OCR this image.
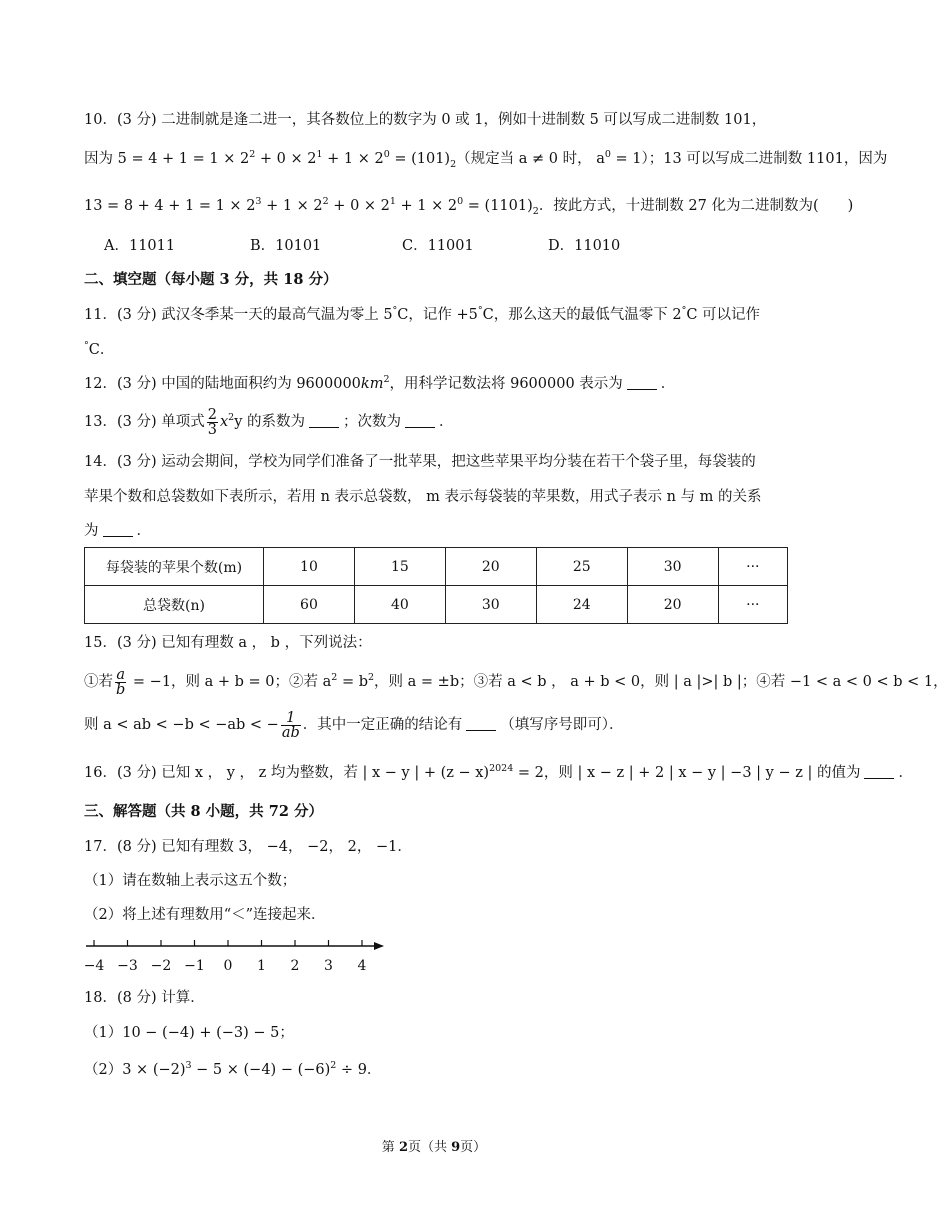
10．(3 分) 二进制就是逢二进一，其各数位上的数字为 0 或 1，例如十进制数 5 可以写成二进制数 101，
因为 $5 = 4 + 1 = 1 \times 2^2 + 0 \times 2^1 + 1 \times 2^0 = (101)_2$（规定当 a ≠ 0 时， $a^0 = 1$）；13 可以写成二进制数 1101，因为
$13 = 8 + 4 + 1 = 1 \times 2^3 + 1 \times 2^2 + 0 \times 2^1 + 1 \times 2^0 = (1101)_2$．按此方式，十进制数 27 化为二进制数为(　　)
A．11011	B．10101	C．11001	D．11010
二、填空题（每小题 3 分，共 18 分）
11．(3 分) 武汉冬季某一天的最高气温为零上 5°C，记作 +5°C，那么这天的最低气温零下 2°C 可以记作
°C．
12．(3 分) 中国的陆地面积约为 $9600000km^2$，用科学记数法将 9600000 表示为	．
13．(3 分) 单项式 $\frac{2}{3} x^2y$ 的系数为	；次数为	．
14．(3 分) 运动会期间，学校为同学们准备了一批苹果，把这些苹果平均分装在若干个袋子里，每袋装的
苹果个数和总袋数如下表所示，若用 n 表示总袋数， m 表示每袋装的苹果数，用式子表示 n 与 m 的关系
为	．
每袋装的苹果个数(m)	10	15	20	25	30	···
总袋数(n)	60	40	30	24	20	···
15．(3 分) 已知有理数 a ， b ，下列说法：
①若 $\frac{a}{b} = -1$，则 a + b = 0；②若 $a^2 = b^2$，则 a = ±b；③若 a < b ， a + b < 0，则 | a |>| b |；④若 −1 < a < 0 < b < 1，
则 a < ab < −b < −ab < − $\frac{1}{ab}$ ．其中一定正确的结论有	（填写序号即可）．
16．(3 分) 已知 x ， y ， z 均为整数，若 | x − y | + $(z - x)^{2024} = 2$，则 | x − z | + 2 | x − y | −3 | y − z | 的值为	．
三、解答题（共 8 小题，共 72 分）
17．(8 分) 已知有理数 3， −4， −2， 2， −1．
（1）请在数轴上表示这五个数；
（2）将上述有理数用“＜”连接起来．
−4 −3 −2 −1 0 1 2 3 4
18．(8 分) 计算．
（1）10 − (−4) + (−3) − 5；
$(2)3 \times (-2)^3 - 5 \times (-4) - (-6)^2 \div 9$．
第 2页（共 9页）
